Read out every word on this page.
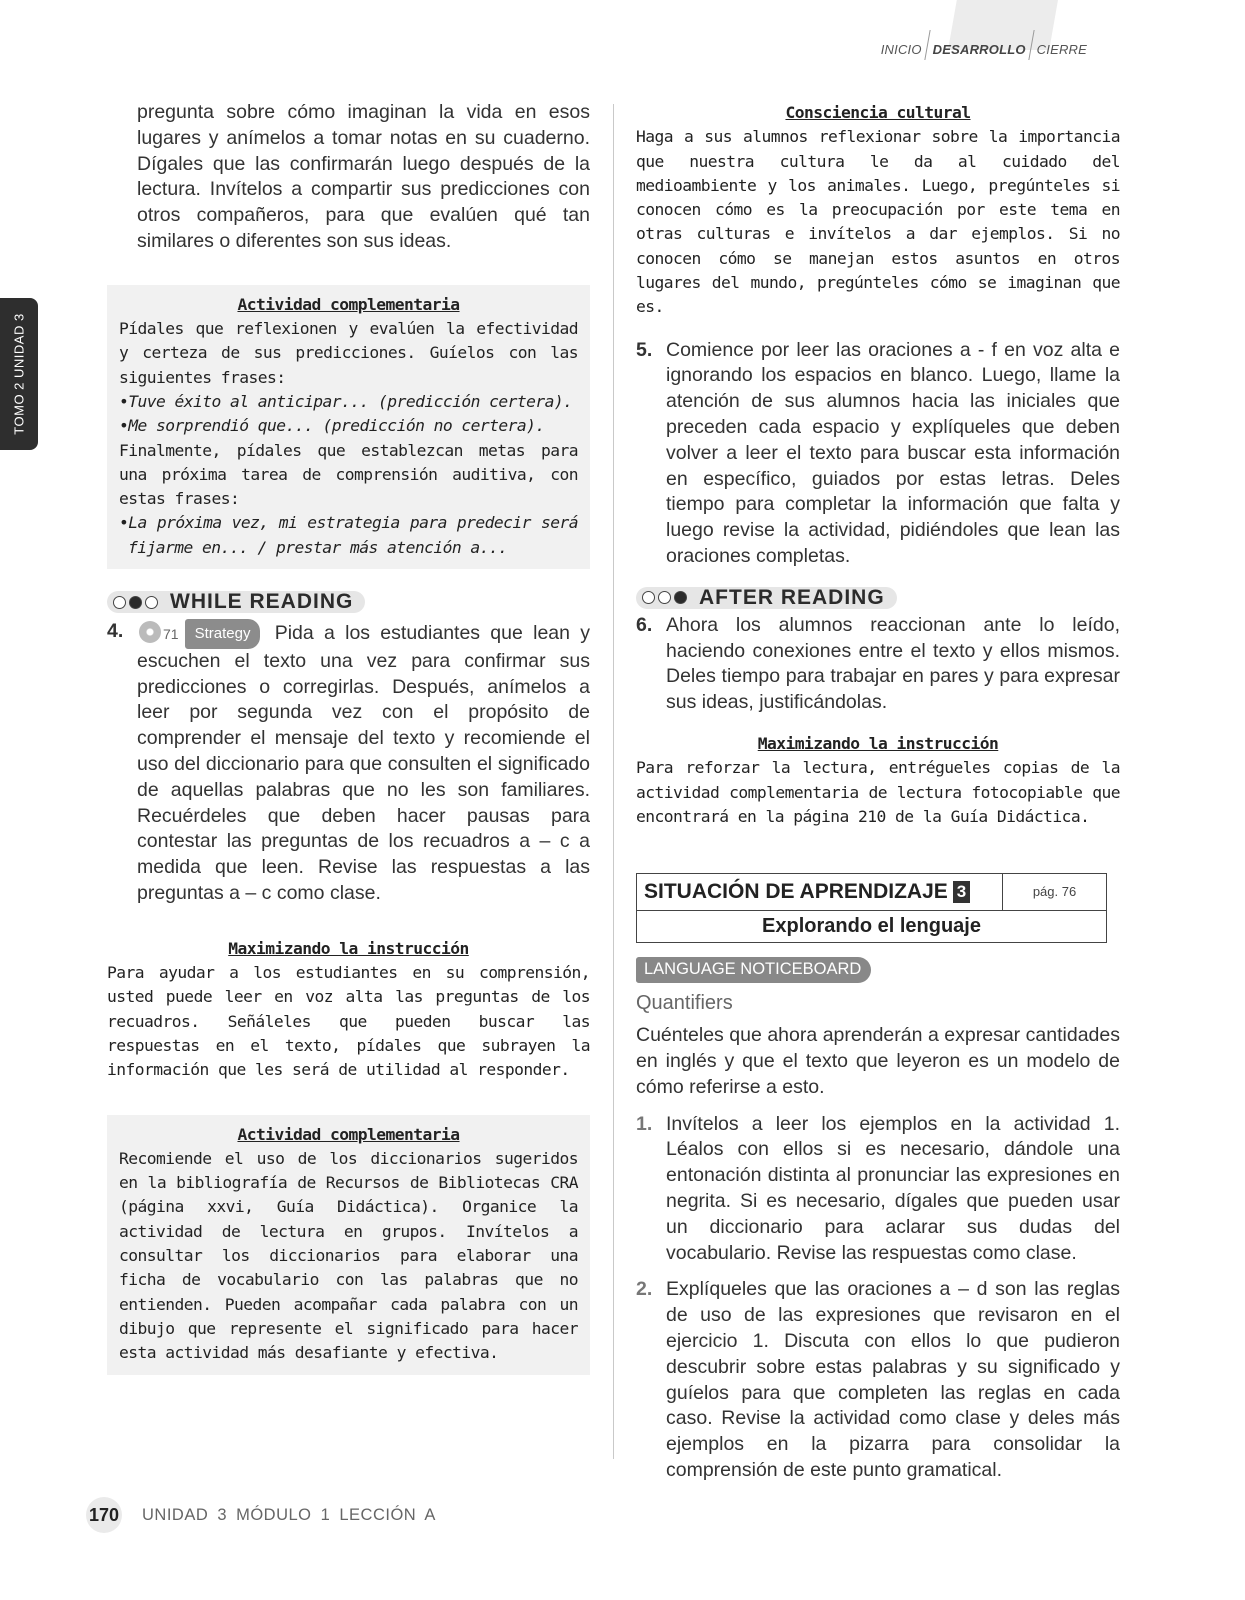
INICIO DESARROLLO CIERRE
TOMO 2 UNIDAD 3

pregunta sobre cómo imaginan la vida en esos lugares y anímelos a tomar notas en su cuaderno. Dígales que las confirmarán luego después de la lectura. Invítelos a compartir sus predicciones con otros compañeros, para que evalúen qué tan similares o diferentes son sus ideas.

Actividad complementaria
Pídales que reflexionen y evalúen la efectividad y certeza de sus predicciones. Guíelos con las siguientes frases:
•Tuve éxito al anticipar... (predicción certera).
•Me sorprendió que... (predicción no certera).
Finalmente, pídales que establezcan metas para una próxima tarea de comprensión auditiva, con estas frases:
•La próxima vez, mi estrategia para predecir será fijarme en... / prestar más atención a...

WHILE READING
4.	71 Strategy Pida a los estudiantes que lean y escuchen el texto una vez para confirmar sus predicciones o corregirlas. Después, anímelos a leer por segunda vez con el propósito de comprender el mensaje del texto y recomiende el uso del diccionario para que consulten el significado de aquellas palabras que no les son familiares. Recuérdeles que deben hacer pausas para contestar las preguntas de los recuadros a – c a medida que leen. Revise las respuestas a las preguntas a – c como clase.

Maximizando la instrucción
Para ayudar a los estudiantes en su comprensión, usted puede leer en voz alta las preguntas de los recuadros. Señáleles que pueden buscar las respuestas en el texto, pídales que subrayen la información que les será de utilidad al responder.

Actividad complementaria
Recomiende el uso de los diccionarios sugeridos en la bibliografía de Recursos de Bibliotecas CRA (página xxvi, Guía Didáctica). Organice la actividad de lectura en grupos. Invítelos a consultar los diccionarios para elaborar una ficha de vocabulario con las palabras que no entienden. Pueden acompañar cada palabra con un dibujo que represente el significado para hacer esta actividad más desafiante y efectiva.

Consciencia cultural
Haga a sus alumnos reflexionar sobre la importancia que nuestra cultura le da al cuidado del medioambiente y los animales. Luego, pregúnteles si conocen cómo es la preocupación por este tema en otras culturas e invítelos a dar ejemplos. Si no conocen cómo se manejan estos asuntos en otros lugares del mundo, pregúnteles cómo se imaginan que es.

5. Comience por leer las oraciones a - f en voz alta e ignorando los espacios en blanco. Luego, llame la atención de sus alumnos hacia las iniciales que preceden cada espacio y explíqueles que deben volver a leer el texto para buscar esta información en específico, guiados por estas letras. Deles tiempo para completar la información que falta y luego revise la actividad, pidiéndoles que lean las oraciones completas.
AFTER READING
6. Ahora los alumnos reaccionan ante lo leído, haciendo conexiones entre el texto y ellos mismos. Deles tiempo para trabajar en pares y para expresar sus ideas, justificándolas.

Maximizando la instrucción
Para reforzar la lectura, entrégueles copias de la actividad complementaria de lectura fotocopiable que encontrará en la página 210 de la Guía Didáctica.

SITUACIÓN DE APRENDIZAJE 3	pág. 76
Explorando el lenguaje
LANGUAGE NOTICEBOARD
Quantifiers

Cuénteles que ahora aprenderán a expresar cantidades en inglés y que el texto que leyeron es un modelo de cómo referirse a esto.

1. Invítelos a leer los ejemplos en la actividad 1. Léalos con ellos si es necesario, dándole una entonación distinta al pronunciar las expresiones en negrita. Si es necesario, dígales que pueden usar un diccionario para aclarar sus dudas del vocabulario. Revise las respuestas como clase.
2. Explíqueles que las oraciones a – d son las reglas de uso de las expresiones que revisaron en el ejercicio 1. Discuta con ellos lo que pudieron descubrir sobre estas palabras y su significado y guíelos para que completen las reglas en cada caso. Revise la actividad como clase y deles más ejemplos en la pizarra para consolidar la comprensión de este punto gramatical.
170 UNIDAD 3 MÓDULO 1 LECCIÓN A
